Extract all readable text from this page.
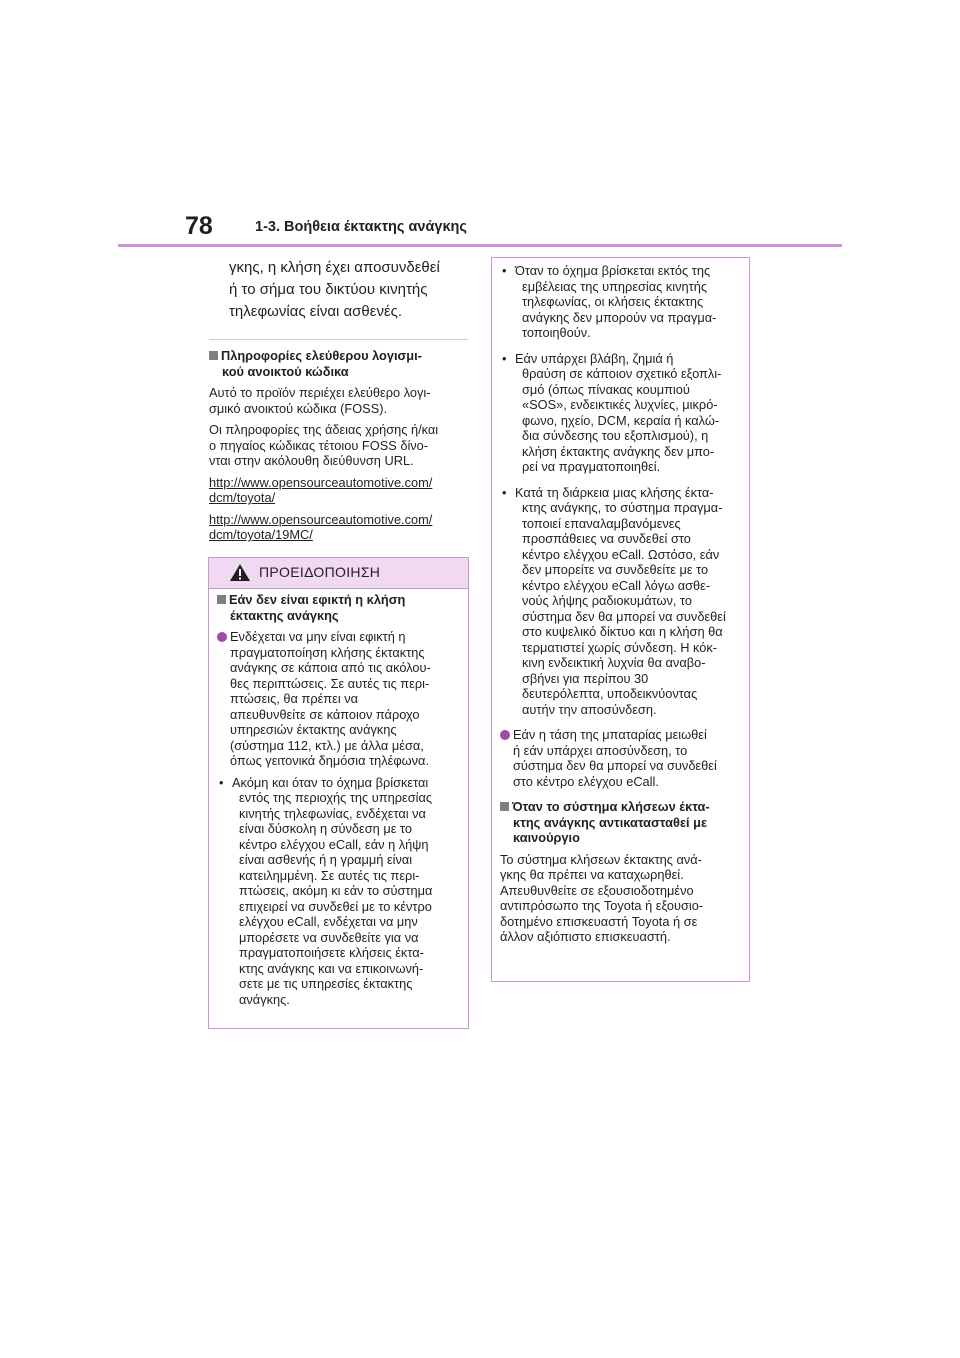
78	1-3. Βοήθεια έκτακτης ανάγκης
γκης, η κλήση έχει αποσυνδεθεί
ή το σήμα του δικτύου κινητής
τηλεφωνίας είναι ασθενές.
Πληροφορίες ελεύθερου λογισμι-
κού ανοικτού κώδικα
Αυτό το προϊόν περιέχει ελεύθερο λογι-
σμικό ανοικτού κώδικα (FOSS).
Οι πληροφορίες της άδειας χρήσης ή/και
ο πηγαίος κώδικας τέτοιου FOSS δίνο-
νται στην ακόλουθη διεύθυνση URL.
http://www.opensourceautomotive.com/
dcm/toyota/
http://www.opensourceautomotive.com/
dcm/toyota/19MC/
ΠΡΟΕΙΔΟΠΟΙΗΣΗ
Εάν δεν είναι εφικτή η κλήση
έκτακτης ανάγκης
Ενδέχεται να μην είναι εφικτή η
πραγματοποίηση κλήσης έκτακτης
ανάγκης σε κάποια από τις ακόλου-
θες περιπτώσεις. Σε αυτές τις περι-
πτώσεις, θα πρέπει να
απευθυνθείτε σε κάποιον πάροχο
υπηρεσιών έκτακτης ανάγκης
(σύστημα 112, κτλ.) με άλλα μέσα,
όπως γειτονικά δημόσια τηλέφωνα.
• Ακόμη και όταν το όχημα βρίσκεται
εντός της περιοχής της υπηρεσίας
κινητής τηλεφωνίας, ενδέχεται να
είναι δύσκολη η σύνδεση με το
κέντρο ελέγχου eCall, εάν η λήψη
είναι ασθενής ή η γραμμή είναι
κατειλημμένη. Σε αυτές τις περι-
πτώσεις, ακόμη κι εάν το σύστημα
επιχειρεί να συνδεθεί με το κέντρο
ελέγχου eCall, ενδέχεται να μην
μπορέσετε να συνδεθείτε για να
πραγματοποιήσετε κλήσεις έκτα-
κτης ανάγκης και να επικοινωνή-
σετε με τις υπηρεσίες έκτακτης
ανάγκης.
• Όταν το όχημα βρίσκεται εκτός της
εμβέλειας της υπηρεσίας κινητής
τηλεφωνίας, οι κλήσεις έκτακτης
ανάγκης δεν μπορούν να πραγμα-
τοποιηθούν.
• Εάν υπάρχει βλάβη, ζημιά ή
θραύση σε κάποιον σχετικό εξοπλι-
σμό (όπως πίνακας κουμπιού
«SOS», ενδεικτικές λυχνίες, μικρό-
φωνο, ηχείο, DCM, κεραία ή καλώ-
δια σύνδεσης του εξοπλισμού), η
κλήση έκτακτης ανάγκης δεν μπο-
ρεί να πραγματοποιηθεί.
• Κατά τη διάρκεια μιας κλήσης έκτα-
κτης ανάγκης, το σύστημα πραγμα-
τοποιεί επαναλαμβανόμενες
προσπάθειες να συνδεθεί στο
κέντρο ελέγχου eCall. Ωστόσο, εάν
δεν μπορείτε να συνδεθείτε με το
κέντρο ελέγχου eCall λόγω ασθε-
νούς λήψης ραδιοκυμάτων, το
σύστημα δεν θα μπορεί να συνδεθεί
στο κυψελικό δίκτυο και η κλήση θα
τερματιστεί χωρίς σύνδεση. Η κόκ-
κινη ενδεικτική λυχνία θα αναβο-
σβήνει για περίπου 30
δευτερόλεπτα, υποδεικνύοντας
αυτήν την αποσύνδεση.
Εάν η τάση της μπαταρίας μειωθεί
ή εάν υπάρχει αποσύνδεση, το
σύστημα δεν θα μπορεί να συνδεθεί
στο κέντρο ελέγχου eCall.
Όταν το σύστημα κλήσεων έκτα-
κτης ανάγκης αντικατασταθεί με
καινούργιο
Το σύστημα κλήσεων έκτακτης ανά-
γκης θα πρέπει να καταχωρηθεί.
Απευθυνθείτε σε εξουσιοδοτημένο
αντιπρόσωπο της Toyota ή εξουσιο-
δοτημένο επισκευαστή Toyota ή σε
άλλον αξιόπιστο επισκευαστή.
